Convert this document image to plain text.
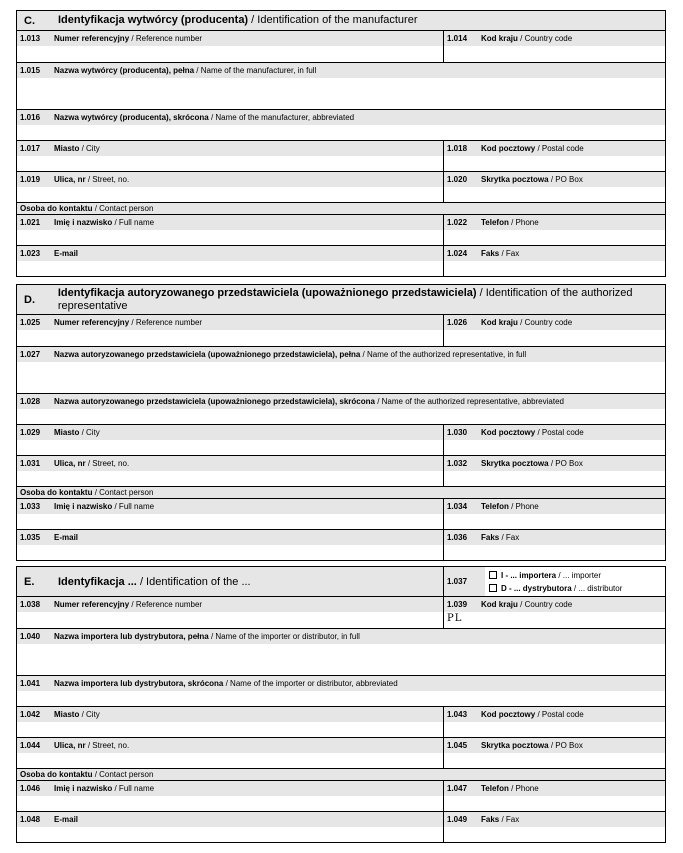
C.	Identyfikacja wytwórcy (producenta) / Identification of the manufacturer
1.013 Numer referencyjny / Reference number	1.014 Kod kraju / Country code
1.015 Nazwa wytwórcy (producenta), pełna / Name of the manufacturer, in full
1.016 Nazwa wytwórcy (producenta), skrócona / Name of the manufacturer, abbreviated
1.017 Miasto / City	1.018 Kod pocztowy / Postal code
1.019 Ulica, nr / Street, no.	1.020 Skrytka pocztowa / PO Box
Osoba do kontaktu / Contact person
1.021 Imię i nazwisko / Full name	1.022 Telefon / Phone
1.023 E-mail	1.024 Faks / Fax
D.
Identyfikacja autoryzowanego przedstawiciela (upoważnionego przedstawiciela) / Identification of the authorized representative
1.025 Numer referencyjny / Reference number	1.026 Kod kraju / Country code
1.027 Nazwa autoryzowanego przedstawiciela (upoważnionego przedstawiciela), pełna / Name of the authorized representative, in full
1.028 Nazwa autoryzowanego przedstawiciela (upoważnionego przedstawiciela), skrócona / Name of the authorized representative, abbreviated
1.029 Miasto / City	1.030 Kod pocztowy / Postal code
1.031 Ulica, nr / Street, no.	1.032 Skrytka pocztowa / PO Box
Osoba do kontaktu / Contact person
1.033 Imię i nazwisko / Full name	1.034 Telefon / Phone
1.035 E-mail	1.036 Faks / Fax
E.	Identyfikacja ... / Identification of the ...	1.037
I - ... importera / ... importer
D - ... dystrybutora / ... distributor
1.038 Numer referencyjny / Reference number	1.039 Kod kraju / Country code
PL
1.040 Nazwa importera lub dystrybutora, pełna / Name of the importer or distributor, in full
1.041 Nazwa importera lub dystrybutora, skrócona / Name of the importer or distributor, abbreviated
1.042 Miasto / City	1.043 Kod pocztowy / Postal code
1.044 Ulica, nr / Street, no.	1.045 Skrytka pocztowa / PO Box
Osoba do kontaktu / Contact person
1.046 Imię i nazwisko / Full name	1.047 Telefon / Phone
1.048 E-mail	1.049 Faks / Fax
